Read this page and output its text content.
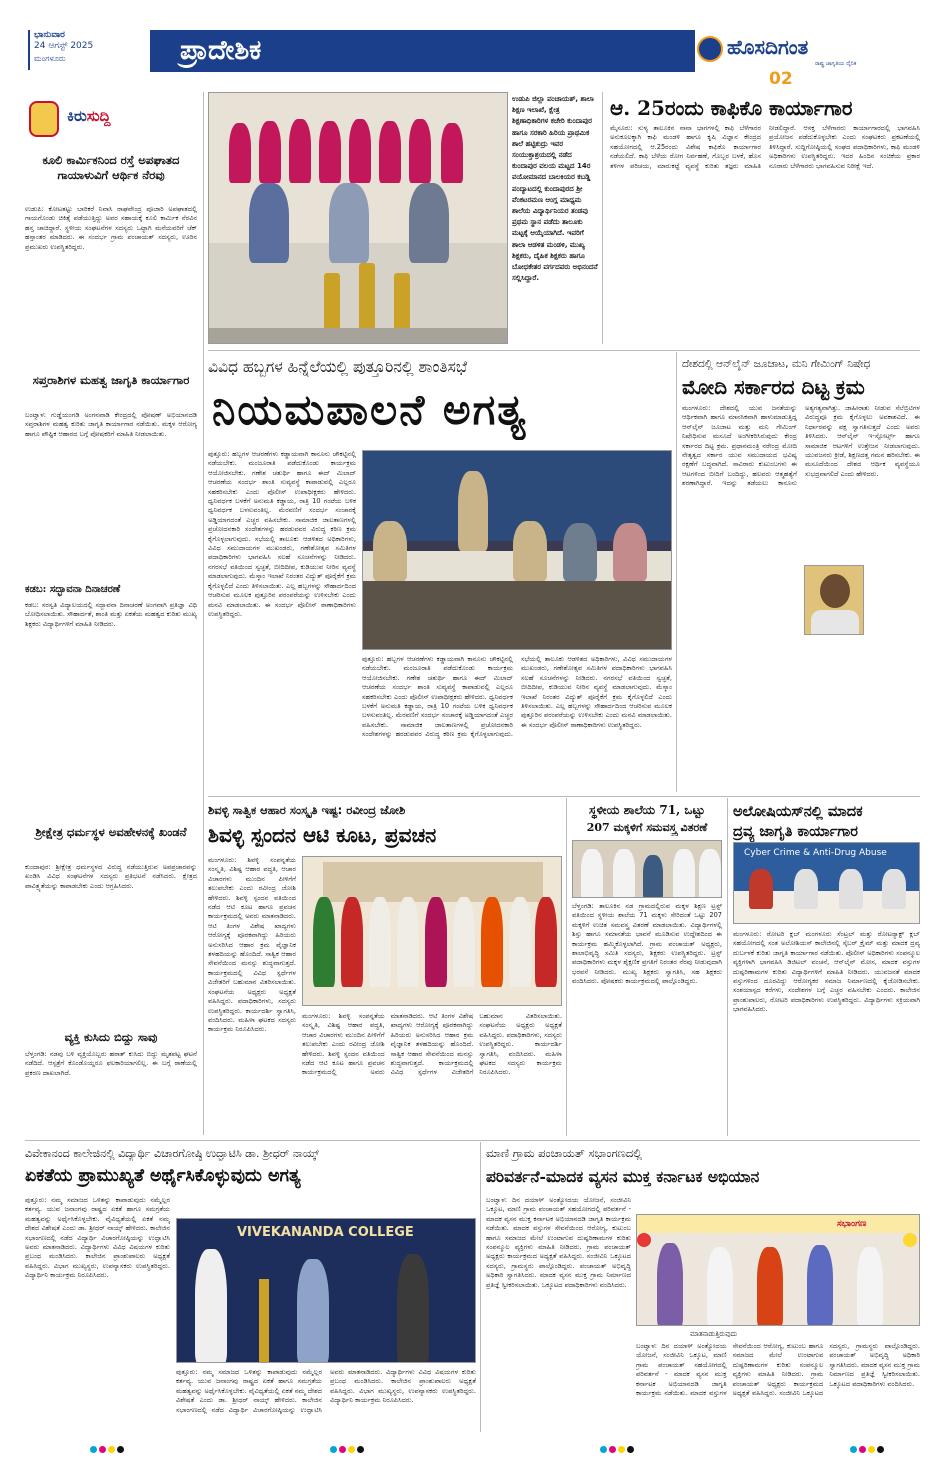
ಭಾನುವಾರ
24 ಆಗಸ್ಟ್ 2025
ಮಂಗಳೂರು	ಪ್ರಾದೇಶಿಕ	ಹೊಸದಿಗಂತ
ರಾಷ್ಟ್ರ ಜಾಗೃತಿಯ ದೈನಿಕ
02
ಕಿರುಸುದ್ದಿ
ಕೂಲಿ ಕಾರ್ಮಿಕನಿಂದ ರಸ್ತೆ ಅಪಘಾತದ ಗಾಯಾಳುವಿಗೆ ಆರ್ಥಿಕ ನೆರವು
ಉಡುಪಿ: ಕೋಟತಟ್ಟು ಬಾರಿಕರೆ ನಿವಾಸಿ ರಾಘವೇಂದ್ರ ಪೂಜಾರಿ ಅಪಘಾತದಲ್ಲಿ ಗಾಯಗೊಂಡು ಚಿಕಿತ್ಸೆ ಪಡೆಯುತ್ತಿದ್ದು ಅವರ ಸಹಾಯಕ್ಕೆ ಕೂಲಿ ಕಾರ್ಮಿಕ ನೆರವಿನ ಹಸ್ತ ಚಾಚಿದ್ದಾರೆ. ಸ್ಥಳೀಯ ಸಂಘಟನೆಗಳ ಸದಸ್ಯರು ಒಟ್ಟಾಗಿ ಮನೆಯವರಿಗೆ ಚೆಕ್ ಹಸ್ತಾಂತರ ಮಾಡಿದರು. ಈ ಸಂದರ್ಭ ಗ್ರಾಮ ಪಂಚಾಯತ್ ಸದಸ್ಯರು, ಊರಿನ ಪ್ರಮುಖರು ಉಪಸ್ಥಿತರಿದ್ದರು.
ಸಪ್ತರಾಶಿಗಳ ಮಹತ್ವ ಜಾಗೃತಿ ಕಾರ್ಯಾಗಾರ
ಬಂಟ್ವಾಳ: ಗುಡ್ಡೆಯಂಗಡಿ ಅಂಗನವಾಡಿ ಕೇಂದ್ರದಲ್ಲಿ ಪೋಷಣ್ ಅಭಿಯಾನದಡಿ ಸಪ್ತರಾಶಿಗಳ ಮಹತ್ವ ಕುರಿತು ಜಾಗೃತಿ ಕಾರ್ಯಾಗಾರ ನಡೆಯಿತು. ಮಕ್ಕಳ ಆರೋಗ್ಯ ಹಾಗೂ ಪೌಷ್ಟಿಕ ಆಹಾರದ ಬಗ್ಗೆ ಪೋಷಕರಿಗೆ ಮಾಹಿತಿ ನೀಡಲಾಯಿತು.
ಕಡಬ: ಸದ್ಭಾವನಾ ದಿನಾಚರಣೆ
ಕಡಬ: ಸರಸ್ವತಿ ವಿದ್ಯಾಲಯದಲ್ಲಿ ಸದ್ಭಾವನಾ ದಿನಾಚರಣೆ ಅಂಗವಾಗಿ ಪ್ರತಿಜ್ಞಾ ವಿಧಿ ಬೋಧಿಸಲಾಯಿತು. ಸೌಹಾರ್ದತೆ, ಶಾಂತಿ ಮತ್ತು ಏಕತೆಯ ಮಹತ್ವದ ಕುರಿತು ಮುಖ್ಯ ಶಿಕ್ಷಕರು ವಿದ್ಯಾರ್ಥಿಗಳಿಗೆ ಮಾಹಿತಿ ನೀಡಿದರು.
ಶ್ರೀಕ್ಷೇತ್ರ ಧರ್ಮಸ್ಥಳ ಅವಹೇಳನಕ್ಕೆ ಖಂಡನೆ
ಕುಂದಾಪುರ: ಶ್ರೀಕ್ಷೇತ್ರ ಧರ್ಮಸ್ಥಳದ ವಿರುದ್ಧ ನಡೆಯುತ್ತಿರುವ ಅಪಪ್ರಚಾರವನ್ನು ಖಂಡಿಸಿ ವಿವಿಧ ಸಂಘಟನೆಗಳ ಸದಸ್ಯರು ಪ್ರತಿಭಟನೆ ನಡೆಸಿದರು. ಕ್ಷೇತ್ರದ ಪಾವಿತ್ರ್ಯತೆಯನ್ನು ಕಾಪಾಡಬೇಕು ಎಂದು ಆಗ್ರಹಿಸಿದರು.
ವ್ಯಕ್ತಿ ಕುಸಿದು ಬಿದ್ದು ಸಾವು
ಬೆಳ್ತಂಗಡಿ: ನಡವು ಬಳಿ ವ್ಯಕ್ತಿಯೊಬ್ಬರು ಹಠಾತ್ ಕುಸಿದು ಬಿದ್ದು ಮೃತಪಟ್ಟ ಘಟನೆ ನಡೆದಿದೆ. ಆಸ್ಪತ್ರೆಗೆ ಕೊಂಡೊಯ್ದರೂ ಫಲಕಾರಿಯಾಗಲಿಲ್ಲ. ಈ ಬಗ್ಗೆ ಠಾಣೆಯಲ್ಲಿ ಪ್ರಕರಣ ದಾಖಲಾಗಿದೆ.
ಉಡುಪಿ ಜಿಲ್ಲಾ ಪಂಚಾಯತ್, ಶಾಲಾ ಶಿಕ್ಷಣ ಇಲಾಖೆ, ಕ್ಷೇತ್ರ ಶಿಕ್ಷಣಾಧಿಕಾರಿಗಳ ಕಚೇರಿ ಕುಂದಾಪುರ ಹಾಗೂ ಸರಕಾರಿ ಹಿರಿಯ ಪ್ರಾಥಮಿಕ ಶಾಲೆ ಹಟ್ಟಿಕುದ್ರು ಇವರ ಸಂಯುಕ್ತಾಶ್ರಯದಲ್ಲಿ ನಡೆದ ಕುಂದಾಪುರ ವಲಯ ಮಟ್ಟದ 14ರ ವಯೋಮಾನದ ಬಾಲಕಿಯರ ಕಬಡ್ಡಿ ಪಂದ್ಯಾಟದಲ್ಲಿ ಕುಂದಾಪುರದ ಶ್ರೀ ವೆಂಕಟರಮಣ ಆಂಗ್ಲ ಮಾಧ್ಯಮ ಶಾಲೆಯ ವಿದ್ಯಾರ್ಥಿನಿಯರ ತಂಡವು ಪ್ರಥಮ ಸ್ಥಾನ ಪಡೆದು ತಾಲೂಕು ಮಟ್ಟಕ್ಕೆ ಆಯ್ಕೆಯಾಗಿದೆ. ಇವರಿಗೆ ಶಾಲಾ ಆಡಳಿತ ಮಂಡಳಿ, ಮುಖ್ಯ ಶಿಕ್ಷಕರು, ದೈಹಿಕ ಶಿಕ್ಷಕರು ಹಾಗೂ ಬೋಧಕೇತರ ವರ್ಗದವರು ಅಭಿನಂದನೆ ಸಲ್ಲಿಸಿದ್ದಾರೆ.
ಆ. 25ರಂದು ಕಾಫಿಕೊ ಕಾರ್ಯಾಗಾರ
ಮೈಸೂರು: ಸುಳ್ಯ ತಾಲೂಕಿನ ನಾನಾ ಭಾಗಗಳಲ್ಲಿ ಕಾಫಿ ಬೆಳೆಗಾರರ ಅನುಕೂಲಕ್ಕಾಗಿ ಕಾಫಿ ಮಂಡಳಿ ಹಾಗೂ ಕೃಷಿ ವಿಜ್ಞಾನ ಕೇಂದ್ರದ ಸಹಯೋಗದಲ್ಲಿ ಆ.25ರಂದು ವಿಶೇಷ ಕಾಫಿಕೊ ಕಾರ್ಯಾಗಾರ ನಡೆಯಲಿದೆ. ಕಾಫಿ ಬೆಳೆಯ ರೋಗ ನಿರ್ವಹಣೆ, ಗೊಬ್ಬರ ಬಳಕೆ, ಹೊಸ ತಳಿಗಳ ಪರಿಚಯ, ಮಾರುಕಟ್ಟೆ ವ್ಯವಸ್ಥೆ ಕುರಿತು ತಜ್ಞರು ಮಾಹಿತಿ ನೀಡಲಿದ್ದಾರೆ. ಆಸಕ್ತ ಬೆಳೆಗಾರರು ಕಾರ್ಯಾಗಾರದಲ್ಲಿ ಭಾಗವಹಿಸಿ ಪ್ರಯೋಜನ ಪಡೆದುಕೊಳ್ಳಬೇಕು ಎಂದು ಸಂಘಟಕರು ಪ್ರಕಟಣೆಯಲ್ಲಿ ತಿಳಿಸಿದ್ದಾರೆ. ಸುದ್ದಿಗೋಷ್ಠಿಯಲ್ಲಿ ಸಂಘದ ಪದಾಧಿಕಾರಿಗಳು, ಕಾಫಿ ಮಂಡಳಿ ಅಧಿಕಾರಿಗಳು ಉಪಸ್ಥಿತರಿದ್ದರು. ಇದರ ಹಿಂದಿನ ಸಂಚಿಕೆಯ ಪ್ರಕಾರ ನೂರಾರು ಬೆಳೆಗಾರರು ಭಾಗವಹಿಸುವ ನಿರೀಕ್ಷೆ ಇದೆ.
ವಿವಿಧ ಹಬ್ಬಗಳ ಹಿನ್ನೆಲೆಯಲ್ಲಿ ಪುತ್ತೂರಿನಲ್ಲಿ ಶಾಂತಿಸಭೆ
ನಿಯಮಪಾಲನೆ ಅಗತ್ಯ
ಪುತ್ತೂರು: ಹಬ್ಬಗಳ ಆಚರಣೆಗಳು ಕಡ್ಡಾಯವಾಗಿ ಕಾನೂನು ಚೌಕಟ್ಟಿನಲ್ಲಿ ನಡೆಯಬೇಕು. ಮಂಜೂರಾತಿ ಪಡೆದುಕೊಂಡು ಕಾರ್ಯಕ್ರಮ ಆಯೋಜಿಸಬೇಕು. ಗಣೇಶ ಚತುರ್ಥಿ ಹಾಗೂ ಈದ್ ಮಿಲಾದ್ ಆಚರಣೆಯ ಸಂದರ್ಭ ಶಾಂತಿ ಸುವ್ಯವಸ್ಥೆ ಕಾಪಾಡುವಲ್ಲಿ ಎಲ್ಲರೂ ಸಹಕರಿಸಬೇಕು ಎಂದು ಪೊಲೀಸ್ ಉಪಾಧೀಕ್ಷಕರು ಹೇಳಿದರು. ಧ್ವನಿವರ್ಧಕ ಬಳಕೆಗೆ ಅನುಮತಿ ಕಡ್ಡಾಯ, ರಾತ್ರಿ 10 ಗಂಟೆಯ ಬಳಿಕ ಧ್ವನಿವರ್ಧಕ ಬಳಸುವಂತಿಲ್ಲ. ಮೆರವಣಿಗೆ ಸಂದರ್ಭ ಸಂಚಾರಕ್ಕೆ ಅಡ್ಡಿಯಾಗದಂತೆ ಎಚ್ಚರ ವಹಿಸಬೇಕು. ಸಾಮಾಜಿಕ ಜಾಲತಾಣಗಳಲ್ಲಿ ಪ್ರಚೋದನಕಾರಿ ಸಂದೇಶಗಳನ್ನು ಹರಡುವವರ ವಿರುದ್ಧ ಕಠಿಣ ಕ್ರಮ ಕೈಗೊಳ್ಳಲಾಗುವುದು. ಸಭೆಯಲ್ಲಿ ತಾಲೂಕು ಆಡಳಿತದ ಅಧಿಕಾರಿಗಳು, ವಿವಿಧ ಸಮುದಾಯಗಳ ಮುಖಂಡರು, ಗಣೇಶೋತ್ಸವ ಸಮಿತಿಗಳ ಪದಾಧಿಕಾರಿಗಳು ಭಾಗವಹಿಸಿ ಸಲಹೆ ಸೂಚನೆಗಳನ್ನು ನೀಡಿದರು. ನಗರಸಭೆ ವತಿಯಿಂದ ಸ್ವಚ್ಛತೆ, ಬೀದಿದೀಪ, ಕುಡಿಯುವ ನೀರಿನ ವ್ಯವಸ್ಥೆ ಮಾಡಲಾಗುವುದು. ಮೆಸ್ಕಾಂ ಇಲಾಖೆ ನಿರಂತರ ವಿದ್ಯುತ್ ಪೂರೈಕೆಗೆ ಕ್ರಮ ಕೈಗೊಳ್ಳಲಿದೆ ಎಂದು ತಿಳಿಸಲಾಯಿತು. ಎಲ್ಲ ಹಬ್ಬಗಳನ್ನು ಸೌಹಾರ್ದದಿಂದ ಆಚರಿಸುವ ಮೂಲಕ ಪುತ್ತೂರಿನ ಪರಂಪರೆಯನ್ನು ಉಳಿಸಬೇಕು ಎಂದು ಮನವಿ ಮಾಡಲಾಯಿತು. ಈ ಸಂದರ್ಭ ಪೊಲೀಸ್ ಠಾಣಾಧಿಕಾರಿಗಳು ಉಪಸ್ಥಿತರಿದ್ದರು.
ಪುತ್ತೂರು: ಹಬ್ಬಗಳ ಆಚರಣೆಗಳು ಕಡ್ಡಾಯವಾಗಿ ಕಾನೂನು ಚೌಕಟ್ಟಿನಲ್ಲಿ ನಡೆಯಬೇಕು. ಮಂಜೂರಾತಿ ಪಡೆದುಕೊಂಡು ಕಾರ್ಯಕ್ರಮ ಆಯೋಜಿಸಬೇಕು. ಗಣೇಶ ಚತುರ್ಥಿ ಹಾಗೂ ಈದ್ ಮಿಲಾದ್ ಆಚರಣೆಯ ಸಂದರ್ಭ ಶಾಂತಿ ಸುವ್ಯವಸ್ಥೆ ಕಾಪಾಡುವಲ್ಲಿ ಎಲ್ಲರೂ ಸಹಕರಿಸಬೇಕು ಎಂದು ಪೊಲೀಸ್ ಉಪಾಧೀಕ್ಷಕರು ಹೇಳಿದರು. ಧ್ವನಿವರ್ಧಕ ಬಳಕೆಗೆ ಅನುಮತಿ ಕಡ್ಡಾಯ, ರಾತ್ರಿ 10 ಗಂಟೆಯ ಬಳಿಕ ಧ್ವನಿವರ್ಧಕ ಬಳಸುವಂತಿಲ್ಲ. ಮೆರವಣಿಗೆ ಸಂದರ್ಭ ಸಂಚಾರಕ್ಕೆ ಅಡ್ಡಿಯಾಗದಂತೆ ಎಚ್ಚರ ವಹಿಸಬೇಕು. ಸಾಮಾಜಿಕ ಜಾಲತಾಣಗಳಲ್ಲಿ ಪ್ರಚೋದನಕಾರಿ ಸಂದೇಶಗಳನ್ನು ಹರಡುವವರ ವಿರುದ್ಧ ಕಠಿಣ ಕ್ರಮ ಕೈಗೊಳ್ಳಲಾಗುವುದು. ಸಭೆಯಲ್ಲಿ ತಾಲೂಕು ಆಡಳಿತದ ಅಧಿಕಾರಿಗಳು, ವಿವಿಧ ಸಮುದಾಯಗಳ ಮುಖಂಡರು, ಗಣೇಶೋತ್ಸವ ಸಮಿತಿಗಳ ಪದಾಧಿಕಾರಿಗಳು ಭಾಗವಹಿಸಿ ಸಲಹೆ ಸೂಚನೆಗಳನ್ನು ನೀಡಿದರು. ನಗರಸಭೆ ವತಿಯಿಂದ ಸ್ವಚ್ಛತೆ, ಬೀದಿದೀಪ, ಕುಡಿಯುವ ನೀರಿನ ವ್ಯವಸ್ಥೆ ಮಾಡಲಾಗುವುದು. ಮೆಸ್ಕಾಂ ಇಲಾಖೆ ನಿರಂತರ ವಿದ್ಯುತ್ ಪೂರೈಕೆಗೆ ಕ್ರಮ ಕೈಗೊಳ್ಳಲಿದೆ ಎಂದು ತಿಳಿಸಲಾಯಿತು. ಎಲ್ಲ ಹಬ್ಬಗಳನ್ನು ಸೌಹಾರ್ದದಿಂದ ಆಚರಿಸುವ ಮೂಲಕ ಪುತ್ತೂರಿನ ಪರಂಪರೆಯನ್ನು ಉಳಿಸಬೇಕು ಎಂದು ಮನವಿ ಮಾಡಲಾಯಿತು. ಈ ಸಂದರ್ಭ ಪೊಲೀಸ್ ಠಾಣಾಧಿಕಾರಿಗಳು ಉಪಸ್ಥಿತರಿದ್ದರು.
ದೇಶದಲ್ಲಿ ಆನ್‌ಲೈನ್ ಜೂಜಾಟ, ಮನಿ ಗೇಮಿಂಗ್ ನಿಷೇಧ
ಮೋದಿ ಸರ್ಕಾರದ ದಿಟ್ಟ ಕ್ರಮ
ಮಂಗಳೂರು: ದೇಶದಲ್ಲಿ ಯುವ ಜನತೆಯನ್ನು ಆರ್ಥಿಕವಾಗಿ ಹಾಗೂ ಮಾನಸಿಕವಾಗಿ ಹಾಳುಮಾಡುತ್ತಿದ್ದ ಆನ್‌ಲೈನ್ ಜೂಜಾಟ ಮತ್ತು ಮನಿ ಗೇಮಿಂಗ್ ನಿಷೇಧಿಸುವ ಮಸೂದೆ ಅಂಗೀಕರಿಸಿರುವುದು ಕೇಂದ್ರ ಸರ್ಕಾರದ ದಿಟ್ಟ ಕ್ರಮ. ಪ್ರಧಾನಮಂತ್ರಿ ನರೇಂದ್ರ ಮೋದಿ ನೇತೃತ್ವದ ಸರ್ಕಾರ ಯುವ ಸಮುದಾಯದ ಭವಿಷ್ಯ ರಕ್ಷಣೆಗೆ ಬದ್ಧವಾಗಿದೆ. ಸಾವಿರಾರು ಕುಟುಂಬಗಳು ಈ ಆಟಗಳಿಂದ ಬೀದಿಗೆ ಬಂದಿದ್ದು, ಹಲವರು ಆತ್ಮಹತ್ಯೆಗೆ ಶರಣಾಗಿದ್ದಾರೆ. ಇದನ್ನು ತಡೆಯಲು ಕಾನೂನು ಅತ್ಯಗತ್ಯವಾಗಿತ್ತು. ಜಾಹೀರಾತು ನೀಡುವ ಸೆಲೆಬ್ರಿಟಿಗಳ ವಿರುದ್ಧವೂ ಕ್ರಮ ಕೈಗೊಳ್ಳಲು ಅವಕಾಶವಿದೆ. ಈ ನಿರ್ಧಾರವನ್ನು ಪಕ್ಷ ಸ್ವಾಗತಿಸುತ್ತದೆ ಎಂದು ಅವರು ತಿಳಿಸಿದರು. ಆನ್‌ಲೈನ್ ಇ-ಸ್ಪೋರ್ಟ್ಸ್ ಹಾಗೂ ಸಾಮಾಜಿಕ ಆಟಗಳಿಗೆ ಉತ್ತೇಜನ ನೀಡಲಾಗುವುದು. ಯುವಜನರು ಕ್ರೀಡೆ, ಶಿಕ್ಷಣದತ್ತ ಗಮನ ಹರಿಸಬೇಕು. ಈ ಮಸೂದೆಯಿಂದ ದೇಶದ ಆರ್ಥಿಕ ವ್ಯವಸ್ಥೆಯೂ ಸುಭದ್ರವಾಗಲಿದೆ ಎಂದು ಹೇಳಿದರು.
ಶಿವಳ್ಳಿ ಸಾತ್ವಿಕ ಆಹಾರ ಸಂಸ್ಕೃತಿ ಇಷ್ಟ: ರವೀಂದ್ರ ಜೋಶಿ
ಶಿವಳ್ಳಿ ಸ್ಪಂದನ ಆಟಿ ಕೂಟ, ಪ್ರವಚನ
ಮಂಗಳೂರು: ಶಿವಳ್ಳಿ ಸಂಪನ್ನತೆಯ ಸಂಸ್ಕೃತಿ, ವಿಶಿಷ್ಟ ಆಹಾರ ಪದ್ಧತಿ, ಆಚಾರ ವಿಚಾರಗಳು ಮುಂದಿನ ಪೀಳಿಗೆಗೆ ತಲುಪಬೇಕು ಎಂದು ರವೀಂದ್ರ ಜೋಶಿ ಹೇಳಿದರು. ಶಿವಳ್ಳಿ ಸ್ಪಂದನ ವತಿಯಿಂದ ನಡೆದ ಆಟಿ ಕೂಟ ಹಾಗೂ ಪ್ರವಚನ ಕಾರ್ಯಕ್ರಮದಲ್ಲಿ ಅವರು ಮಾತನಾಡಿದರು. ಆಟಿ ತಿಂಗಳ ವಿಶೇಷ ಖಾದ್ಯಗಳು ಆರೋಗ್ಯಕ್ಕೆ ಪೂರಕವಾಗಿದ್ದು ಹಿರಿಯರು ಅನುಸರಿಸಿದ ಆಹಾರ ಕ್ರಮ ವೈಜ್ಞಾನಿಕ ತಳಹದಿಯನ್ನು ಹೊಂದಿದೆ. ಸಾತ್ವಿಕ ಆಹಾರ ಸೇವನೆಯಿಂದ ಮನಸ್ಸು ಶುದ್ಧವಾಗುತ್ತದೆ. ಕಾರ್ಯಕ್ರಮದಲ್ಲಿ ವಿವಿಧ ಸ್ಪರ್ಧೆಗಳ ವಿಜೇತರಿಗೆ ಬಹುಮಾನ ವಿತರಿಸಲಾಯಿತು. ಸಂಘಟನೆಯ ಅಧ್ಯಕ್ಷರು ಅಧ್ಯಕ್ಷತೆ ವಹಿಸಿದ್ದರು. ಪದಾಧಿಕಾರಿಗಳು, ಸದಸ್ಯರು ಉಪಸ್ಥಿತರಿದ್ದರು. ಕಾರ್ಯದರ್ಶಿ ಸ್ವಾಗತಿಸಿ, ವಂದಿಸಿದರು. ಮಹಿಳಾ ಘಟಕದ ಸದಸ್ಯರು ಕಾರ್ಯಕ್ರಮ ನಿರೂಪಿಸಿದರು.
ಮಂಗಳೂರು: ಶಿವಳ್ಳಿ ಸಂಪನ್ನತೆಯ ಸಂಸ್ಕೃತಿ, ವಿಶಿಷ್ಟ ಆಹಾರ ಪದ್ಧತಿ, ಆಚಾರ ವಿಚಾರಗಳು ಮುಂದಿನ ಪೀಳಿಗೆಗೆ ತಲುಪಬೇಕು ಎಂದು ರವೀಂದ್ರ ಜೋಶಿ ಹೇಳಿದರು. ಶಿವಳ್ಳಿ ಸ್ಪಂದನ ವತಿಯಿಂದ ನಡೆದ ಆಟಿ ಕೂಟ ಹಾಗೂ ಪ್ರವಚನ ಕಾರ್ಯಕ್ರಮದಲ್ಲಿ ಅವರು ಮಾತನಾಡಿದರು. ಆಟಿ ತಿಂಗಳ ವಿಶೇಷ ಖಾದ್ಯಗಳು ಆರೋಗ್ಯಕ್ಕೆ ಪೂರಕವಾಗಿದ್ದು ಹಿರಿಯರು ಅನುಸರಿಸಿದ ಆಹಾರ ಕ್ರಮ ವೈಜ್ಞಾನಿಕ ತಳಹದಿಯನ್ನು ಹೊಂದಿದೆ. ಸಾತ್ವಿಕ ಆಹಾರ ಸೇವನೆಯಿಂದ ಮನಸ್ಸು ಶುದ್ಧವಾಗುತ್ತದೆ. ಕಾರ್ಯಕ್ರಮದಲ್ಲಿ ವಿವಿಧ ಸ್ಪರ್ಧೆಗಳ ವಿಜೇತರಿಗೆ ಬಹುಮಾನ ವಿತರಿಸಲಾಯಿತು. ಸಂಘಟನೆಯ ಅಧ್ಯಕ್ಷರು ಅಧ್ಯಕ್ಷತೆ ವಹಿಸಿದ್ದರು. ಪದಾಧಿಕಾರಿಗಳು, ಸದಸ್ಯರು ಉಪಸ್ಥಿತರಿದ್ದರು. ಕಾರ್ಯದರ್ಶಿ ಸ್ವಾಗತಿಸಿ, ವಂದಿಸಿದರು. ಮಹಿಳಾ ಘಟಕದ ಸದಸ್ಯರು ಕಾರ್ಯಕ್ರಮ ನಿರೂಪಿಸಿದರು.
ಸ್ಥಳೀಯ ಶಾಲೆಯ 71, ಒಟ್ಟು
207 ಮಕ್ಕಳಿಗೆ ಸಮವಸ್ತ್ರ ವಿತರಣೆ
ಬೆಳ್ತಂಗಡಿ: ತಾಲೂಕಿನ ನಡ ಗ್ರಾಮದಲ್ಲಿರುವ ಮಕ್ಕಳ ಶಿಕ್ಷಣ ಟ್ರಸ್ಟ್ ವತಿಯಿಂದ ಸ್ಥಳೀಯ ಶಾಲೆಯ 71 ಮಕ್ಕಳು ಸೇರಿದಂತೆ ಒಟ್ಟು 207 ಮಕ್ಕಳಿಗೆ ಉಚಿತ ಸಮವಸ್ತ್ರ ವಿತರಣೆ ಮಾಡಲಾಯಿತು. ವಿದ್ಯಾರ್ಥಿಗಳಲ್ಲಿ ಶಿಸ್ತು ಹಾಗೂ ಸಮಾನತೆಯ ಭಾವನೆ ಮೂಡಿಸುವ ಉದ್ದೇಶದಿಂದ ಈ ಕಾರ್ಯಕ್ರಮ ಹಮ್ಮಿಕೊಳ್ಳಲಾಗಿದೆ. ಗ್ರಾಮ ಪಂಚಾಯತ್ ಅಧ್ಯಕ್ಷರು, ಶಾಲಾಭಿವೃದ್ಧಿ ಸಮಿತಿ ಸದಸ್ಯರು, ಶಿಕ್ಷಕರು ಉಪಸ್ಥಿತರಿದ್ದರು. ಟ್ರಸ್ಟ್ ಪದಾಧಿಕಾರಿಗಳು ಮಕ್ಕಳ ಶೈಕ್ಷಣಿಕ ಪ್ರಗತಿಗೆ ನಿರಂತರ ನೆರವು ನೀಡುವುದಾಗಿ ಭರವಸೆ ನೀಡಿದರು. ಮುಖ್ಯ ಶಿಕ್ಷಕರು ಸ್ವಾಗತಿಸಿ, ಸಹ ಶಿಕ್ಷಕರು ವಂದಿಸಿದರು. ಪೋಷಕರು ಕಾರ್ಯಕ್ರಮದಲ್ಲಿ ಪಾಲ್ಗೊಂಡಿದ್ದರು.
ಅಲೋಷಿಯಸ್‌ನಲ್ಲಿ ಮಾದಕ
ದ್ರವ್ಯ ಜಾಗೃತಿ ಕಾರ್ಯಾಗಾರ
Cyber Crime & Anti-Drug Abuse
ಮಂಗಳೂರು: ರೋಟರಿ ಕ್ಲಬ್ ಮಂಗಳೂರು ಸೆಂಟ್ರಲ್ ಮತ್ತು ರೋಟರ್‍ಯಾಕ್ಟ್ ಕ್ಲಬ್ ಸಹಯೋಗದಲ್ಲಿ ಸಂತ ಅಲೋಶಿಯಸ್ ಕಾಲೇಜಿನಲ್ಲಿ ಸೈಬರ್ ಕ್ರೈಮ್ ಮತ್ತು ಮಾದಕ ದ್ರವ್ಯ ದುರ್ಬಳಕೆ ಕುರಿತು ಜಾಗೃತಿ ಕಾರ್ಯಾಗಾರ ನಡೆಯಿತು. ಪೊಲೀಸ್ ಅಧಿಕಾರಿಗಳು ಸಂಪನ್ಮೂಲ ವ್ಯಕ್ತಿಗಳಾಗಿ ಭಾಗವಹಿಸಿ ಡಿಜಿಟಲ್ ವಂಚನೆ, ಆನ್‌ಲೈನ್ ಮೋಸ, ಮಾದಕ ವಸ್ತುಗಳ ದುಷ್ಪರಿಣಾಮಗಳ ಕುರಿತು ವಿದ್ಯಾರ್ಥಿಗಳಿಗೆ ಮಾಹಿತಿ ನೀಡಿದರು. ಯುವಜನತೆ ಮಾದಕ ವಸ್ತುಗಳಿಂದ ದೂರವಿದ್ದು ಆರೋಗ್ಯಕರ ಸಮಾಜ ನಿರ್ಮಾಣದಲ್ಲಿ ಕೈಜೋಡಿಸಬೇಕು. ಸಂಶಯಾಸ್ಪದ ಕರೆಗಳು, ಸಂದೇಶಗಳ ಬಗ್ಗೆ ಎಚ್ಚರ ವಹಿಸಬೇಕು ಎಂದರು. ಕಾಲೇಜಿನ ಪ್ರಾಂಶುಪಾಲರು, ರೋಟರಿ ಪದಾಧಿಕಾರಿಗಳು ಉಪಸ್ಥಿತರಿದ್ದರು. ವಿದ್ಯಾರ್ಥಿಗಳು ಸಕ್ರಿಯವಾಗಿ ಭಾಗವಹಿಸಿದರು.
ವಿವೇಕಾನಂದ ಕಾಲೇಜಿನಲ್ಲಿ ವಿದ್ಯಾರ್ಥಿ ವಿಚಾರಗೋಷ್ಠಿ ಉದ್ಘಾಟಿಸಿ ಡಾ. ಶ್ರೀಧರ್ ನಾಯ್ಕ್
ಏಕತೆಯ ಪ್ರಾಮುಖ್ಯತೆ ಅರ್ಥೈಸಿಕೊಳ್ಳುವುದು ಅಗತ್ಯ
ಪುತ್ತೂರು: ನಮ್ಮ ಸಮಾಜದ ಒಳಿತನ್ನು ಕಾಪಾಡುವುದು ನಮ್ಮೆಲ್ಲರ ಕರ್ತವ್ಯ. ಯುವ ಜನಾಂಗವು ರಾಷ್ಟ್ರದ ಏಕತೆ ಹಾಗೂ ಸಮಗ್ರತೆಯ ಮಹತ್ವವನ್ನು ಅರ್ಥೈಸಿಕೊಳ್ಳಬೇಕು. ವೈವಿಧ್ಯತೆಯಲ್ಲಿ ಏಕತೆ ನಮ್ಮ ದೇಶದ ವಿಶೇಷತೆ ಎಂದು ಡಾ. ಶ್ರೀಧರ್ ನಾಯ್ಕ್ ಹೇಳಿದರು. ಕಾಲೇಜಿನ ಸಭಾಂಗಣದಲ್ಲಿ ನಡೆದ ವಿದ್ಯಾರ್ಥಿ ವಿಚಾರಗೋಷ್ಠಿಯನ್ನು ಉದ್ಘಾಟಿಸಿ ಅವರು ಮಾತನಾಡಿದರು. ವಿದ್ಯಾರ್ಥಿಗಳು ವಿವಿಧ ವಿಷಯಗಳ ಕುರಿತು ಪ್ರಬಂಧ ಮಂಡಿಸಿದರು. ಕಾಲೇಜಿನ ಪ್ರಾಂಶುಪಾಲರು ಅಧ್ಯಕ್ಷತೆ ವಹಿಸಿದ್ದರು. ವಿಭಾಗ ಮುಖ್ಯಸ್ಥರು, ಉಪನ್ಯಾಸಕರು ಉಪಸ್ಥಿತರಿದ್ದರು. ವಿದ್ಯಾರ್ಥಿನಿ ಕಾರ್ಯಕ್ರಮ ನಿರೂಪಿಸಿದರು.
VIVEKANANDA COLLEGE
ಪುತ್ತೂರು: ನಮ್ಮ ಸಮಾಜದ ಒಳಿತನ್ನು ಕಾಪಾಡುವುದು ನಮ್ಮೆಲ್ಲರ ಕರ್ತವ್ಯ. ಯುವ ಜನಾಂಗವು ರಾಷ್ಟ್ರದ ಏಕತೆ ಹಾಗೂ ಸಮಗ್ರತೆಯ ಮಹತ್ವವನ್ನು ಅರ್ಥೈಸಿಕೊಳ್ಳಬೇಕು. ವೈವಿಧ್ಯತೆಯಲ್ಲಿ ಏಕತೆ ನಮ್ಮ ದೇಶದ ವಿಶೇಷತೆ ಎಂದು ಡಾ. ಶ್ರೀಧರ್ ನಾಯ್ಕ್ ಹೇಳಿದರು. ಕಾಲೇಜಿನ ಸಭಾಂಗಣದಲ್ಲಿ ನಡೆದ ವಿದ್ಯಾರ್ಥಿ ವಿಚಾರಗೋಷ್ಠಿಯನ್ನು ಉದ್ಘಾಟಿಸಿ ಅವರು ಮಾತನಾಡಿದರು. ವಿದ್ಯಾರ್ಥಿಗಳು ವಿವಿಧ ವಿಷಯಗಳ ಕುರಿತು ಪ್ರಬಂಧ ಮಂಡಿಸಿದರು. ಕಾಲೇಜಿನ ಪ್ರಾಂಶುಪಾಲರು ಅಧ್ಯಕ್ಷತೆ ವಹಿಸಿದ್ದರು. ವಿಭಾಗ ಮುಖ್ಯಸ್ಥರು, ಉಪನ್ಯಾಸಕರು ಉಪಸ್ಥಿತರಿದ್ದರು. ವಿದ್ಯಾರ್ಥಿನಿ ಕಾರ್ಯಕ್ರಮ ನಿರೂಪಿಸಿದರು.
ಮಾಣಿ ಗ್ರಾಮ ಪಂಚಾಯತ್ ಸಭಾಂಗಣದಲ್ಲಿ
ಪರಿವರ್ತನೆ-ಮಾದಕ ವ್ಯಸನ ಮುಕ್ತ ಕರ್ನಾಟಕ ಅಭಿಯಾನ
ಬಂಟ್ವಾಳ: ದಿನ ದಯಾಳ್ ಅಂತ್ಯೋದಯ ಯೋಜನೆ, ಸಂಜೀವಿನಿ ಒಕ್ಕೂಟ, ಮಾಣಿ ಗ್ರಾಮ ಪಂಚಾಯತ್ ಸಹಯೋಗದಲ್ಲಿ ಪರಿವರ್ತನೆ - ಮಾದಕ ವ್ಯಸನ ಮುಕ್ತ ಕರ್ನಾಟಕ ಅಭಿಯಾನದಡಿ ಜಾಗೃತಿ ಕಾರ್ಯಕ್ರಮ ನಡೆಯಿತು. ಮಾದಕ ವಸ್ತುಗಳ ಸೇವನೆಯಿಂದ ಆರೋಗ್ಯ, ಕುಟುಂಬ ಹಾಗೂ ಸಮಾಜದ ಮೇಲೆ ಉಂಟಾಗುವ ದುಷ್ಪರಿಣಾಮಗಳ ಕುರಿತು ಸಂಪನ್ಮೂಲ ವ್ಯಕ್ತಿಗಳು ಮಾಹಿತಿ ನೀಡಿದರು. ಗ್ರಾಮ ಪಂಚಾಯತ್ ಅಧ್ಯಕ್ಷರು ಕಾರ್ಯಕ್ರಮದ ಅಧ್ಯಕ್ಷತೆ ವಹಿಸಿದ್ದರು. ಸಂಜೀವಿನಿ ಒಕ್ಕೂಟದ ಸದಸ್ಯರು, ಗ್ರಾಮಸ್ಥರು ಪಾಲ್ಗೊಂಡಿದ್ದರು. ಪಂಚಾಯತ್ ಅಭಿವೃದ್ಧಿ ಅಧಿಕಾರಿ ಸ್ವಾಗತಿಸಿದರು. ಮಾದಕ ವ್ಯಸನ ಮುಕ್ತ ಗ್ರಾಮ ನಿರ್ಮಾಣದ ಪ್ರತಿಜ್ಞೆ ಸ್ವೀಕರಿಸಲಾಯಿತು. ಒಕ್ಕೂಟದ ಪದಾಧಿಕಾರಿಗಳು ವಂದಿಸಿದರು.
ಸಭಾಂಗಣ
ಮಾತನಾಡುತ್ತಿರುವುದು
ಬಂಟ್ವಾಳ: ದಿನ ದಯಾಳ್ ಅಂತ್ಯೋದಯ ಯೋಜನೆ, ಸಂಜೀವಿನಿ ಒಕ್ಕೂಟ, ಮಾಣಿ ಗ್ರಾಮ ಪಂಚಾಯತ್ ಸಹಯೋಗದಲ್ಲಿ ಪರಿವರ್ತನೆ - ಮಾದಕ ವ್ಯಸನ ಮುಕ್ತ ಕರ್ನಾಟಕ ಅಭಿಯಾನದಡಿ ಜಾಗೃತಿ ಕಾರ್ಯಕ್ರಮ ನಡೆಯಿತು. ಮಾದಕ ವಸ್ತುಗಳ ಸೇವನೆಯಿಂದ ಆರೋಗ್ಯ, ಕುಟುಂಬ ಹಾಗೂ ಸಮಾಜದ ಮೇಲೆ ಉಂಟಾಗುವ ದುಷ್ಪರಿಣಾಮಗಳ ಕುರಿತು ಸಂಪನ್ಮೂಲ ವ್ಯಕ್ತಿಗಳು ಮಾಹಿತಿ ನೀಡಿದರು. ಗ್ರಾಮ ಪಂಚಾಯತ್ ಅಧ್ಯಕ್ಷರು ಕಾರ್ಯಕ್ರಮದ ಅಧ್ಯಕ್ಷತೆ ವಹಿಸಿದ್ದರು. ಸಂಜೀವಿನಿ ಒಕ್ಕೂಟದ ಸದಸ್ಯರು, ಗ್ರಾಮಸ್ಥರು ಪಾಲ್ಗೊಂಡಿದ್ದರು. ಪಂಚಾಯತ್ ಅಭಿವೃದ್ಧಿ ಅಧಿಕಾರಿ ಸ್ವಾಗತಿಸಿದರು. ಮಾದಕ ವ್ಯಸನ ಮುಕ್ತ ಗ್ರಾಮ ನಿರ್ಮಾಣದ ಪ್ರತಿಜ್ಞೆ ಸ್ವೀಕರಿಸಲಾಯಿತು. ಒಕ್ಕೂಟದ ಪದಾಧಿಕಾರಿಗಳು ವಂದಿಸಿದರು.
